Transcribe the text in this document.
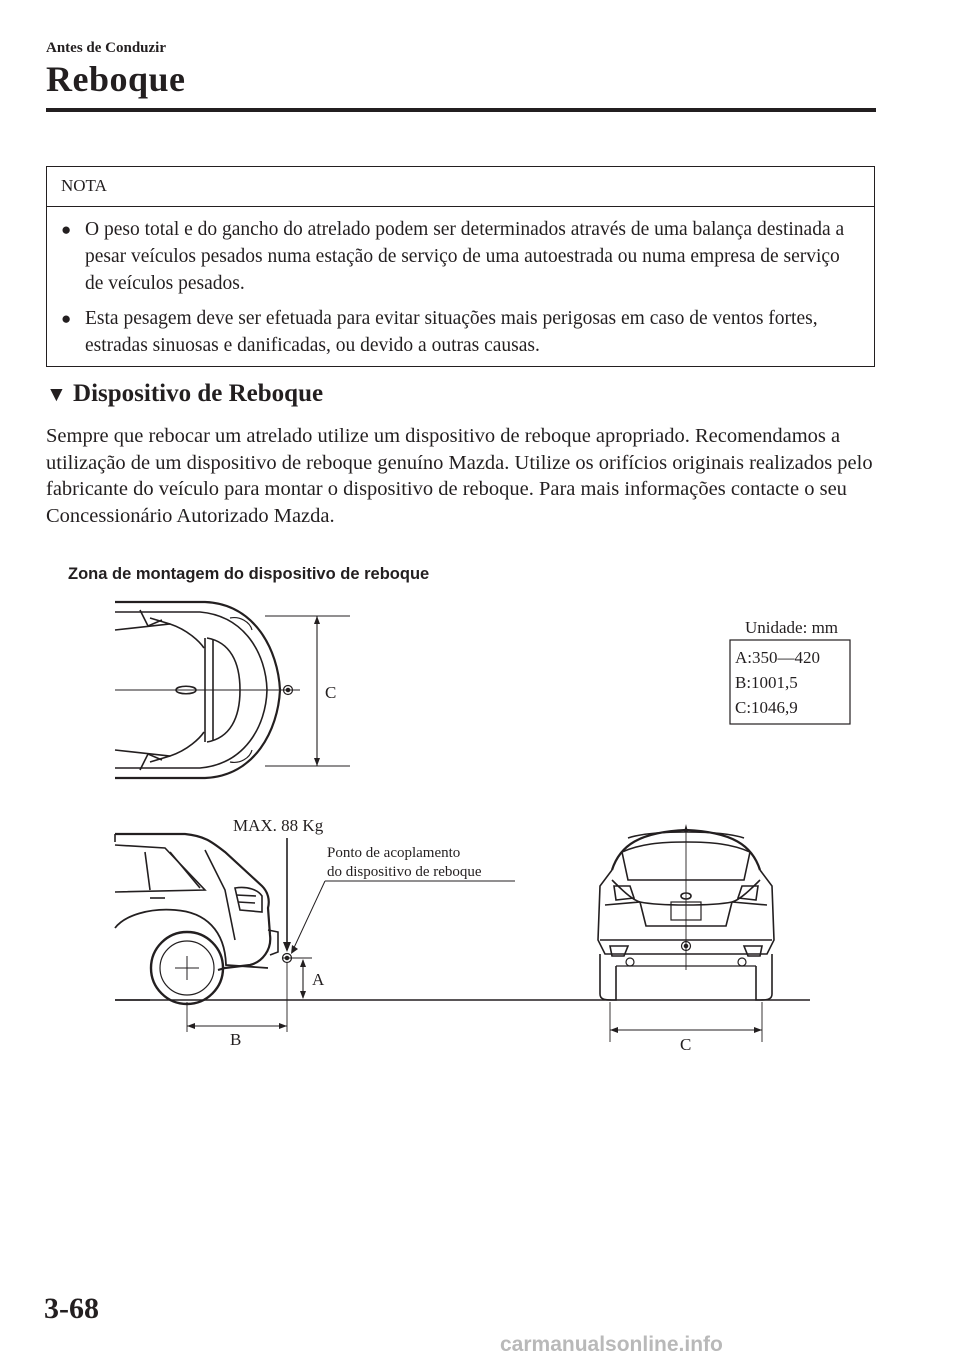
Antes de Conduzir
Reboque
NOTA
● O peso total e do gancho do atrelado podem ser determinados através de uma balança destinada a pesar veículos pesados numa estação de serviço de uma autoestrada ou numa empresa de serviço de veículos pesados.
● Esta pesagem deve ser efetuada para evitar situações mais perigosas em caso de ventos fortes, estradas sinuosas e danificadas, ou devido a outras causas.
▼ Dispositivo de Reboque
Sempre que rebocar um atrelado utilize um dispositivo de reboque apropriado. Recomendamos a utilização de um dispositivo de reboque genuíno Mazda. Utilize os orifícios originais realizados pelo fabricante do veículo para montar o dispositivo de reboque. Para mais informações contacte o seu Concessionário Autorizado Mazda.
Zona de montagem do dispositivo de reboque
C
Unidade: mm
A:350—420
B:1001,5
C:1046,9
MAX. 88 Kg
Ponto de acoplamento
do dispositivo de reboque
A
B	C
3-68
carmanualsonline.info
